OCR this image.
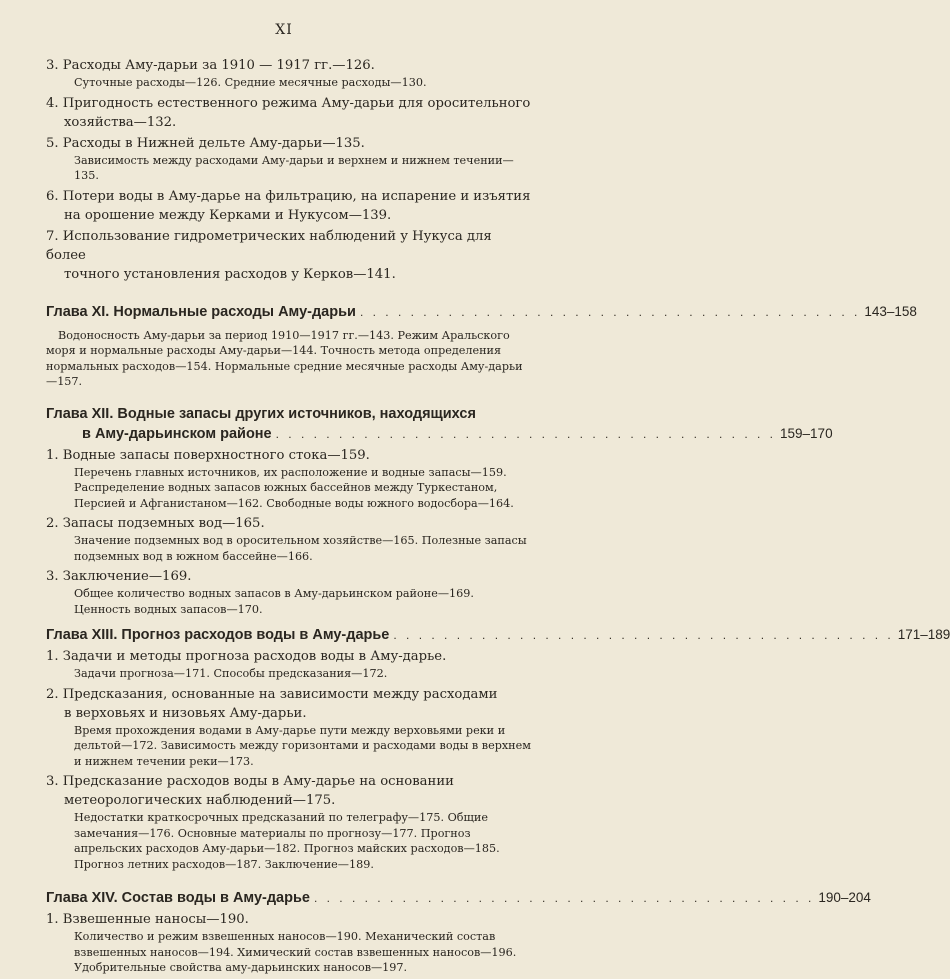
XI
3. Расходы Аму-дарьи за 1910 — 1917 гг.—126.
Суточные расходы—126. Средние месячные расходы—130.
4. Пригодность естественного режима Аму-дарьи для оросительного хозяйства—132.
5. Расходы в Нижней дельте Аму-дарьи—135.
Зависимость между расходами Аму-дарьи и верхнем и нижнем течении—135.
6. Потери воды в Аму-дарье на фильтрацию, на испарение и изъятия
на орошение между Керками и Нукусом—139.
7. Использование гидрометрических наблюдений у Нукуса для более
точного установления расходов у Керков—141.
Глава XI. Нормальные расходы Аму-дарьи . . . . . . . . . . . . . . . . . . . . . . . . . . . . . . . . . . . . . . . . 143–158
Водоносность Аму-дарьи за период 1910—1917 гг.—143. Режим Аральского моря и нормальные расходы Аму-дарьи—144. Точность метода определения нормальных расходов—154. Нормальные средние месячные расходы Аму-дарьи—157.
Глава XII. Водные запасы других источников, находящихся
в Аму-дарьинском районе . . . . . . . . . . . . . . . . . . . . . . . . . . . . . . . . . . . . . . . . 159–170
1. Водные запасы поверхностного стока—159.
Перечень главных источников, их расположение и водные запасы—159. Распределение водных запасов южных бассейнов между Туркестаном, Персией и Афганистаном—162. Свободные воды южного водосбора—164.
2. Запасы подземных вод—165.
Значение подземных вод в оросительном хозяйстве—165. Полезные запасы подземных вод в южном бассейне—166.
3. Заключение—169.
Общее количество водных запасов в Аму-дарьинском районе—169. Ценность водных запасов—170.
Глава XIII. Прогноз расходов воды в Аму-дарье . . . . . . . . . . . . . . . . . . . . . . . . . . . . . . . . . . . . . . . . 171–189
1. Задачи и методы прогноза расходов воды в Аму-дарье.
Задачи прогноза—171. Способы предсказания—172.
2. Предсказания, основанные на зависимости между расходами
в верховьях и низовьях Аму-дарьи.
Время прохождения водами в Аму-дарье пути между верховьями реки и дельтой—172. Зависимость между горизонтами и расходами воды в верхнем и нижнем течении реки—173.
3. Предсказание расходов воды в Аму-дарье на основании метеорологических наблюдений—175.
Недостатки краткосрочных предсказаний по телеграфу—175. Общие замечания—176. Основные материалы по прогнозу—177. Прогноз апрельских расходов Аму-дарьи—182. Прогноз майских расходов—185. Прогноз летних расходов—187. Заключение—189.
Глава XIV. Состав воды в Аму-дарье . . . . . . . . . . . . . . . . . . . . . . . . . . . . . . . . . . . . . . . . 190–204
1. Взвешенные наносы—190.
Количество и режим взвешенных наносов—190. Механический состав взвешенных наносов—194. Химический состав взвешенных наносов—196. Удобрительные свойства аму-дарьинских наносов—197.
